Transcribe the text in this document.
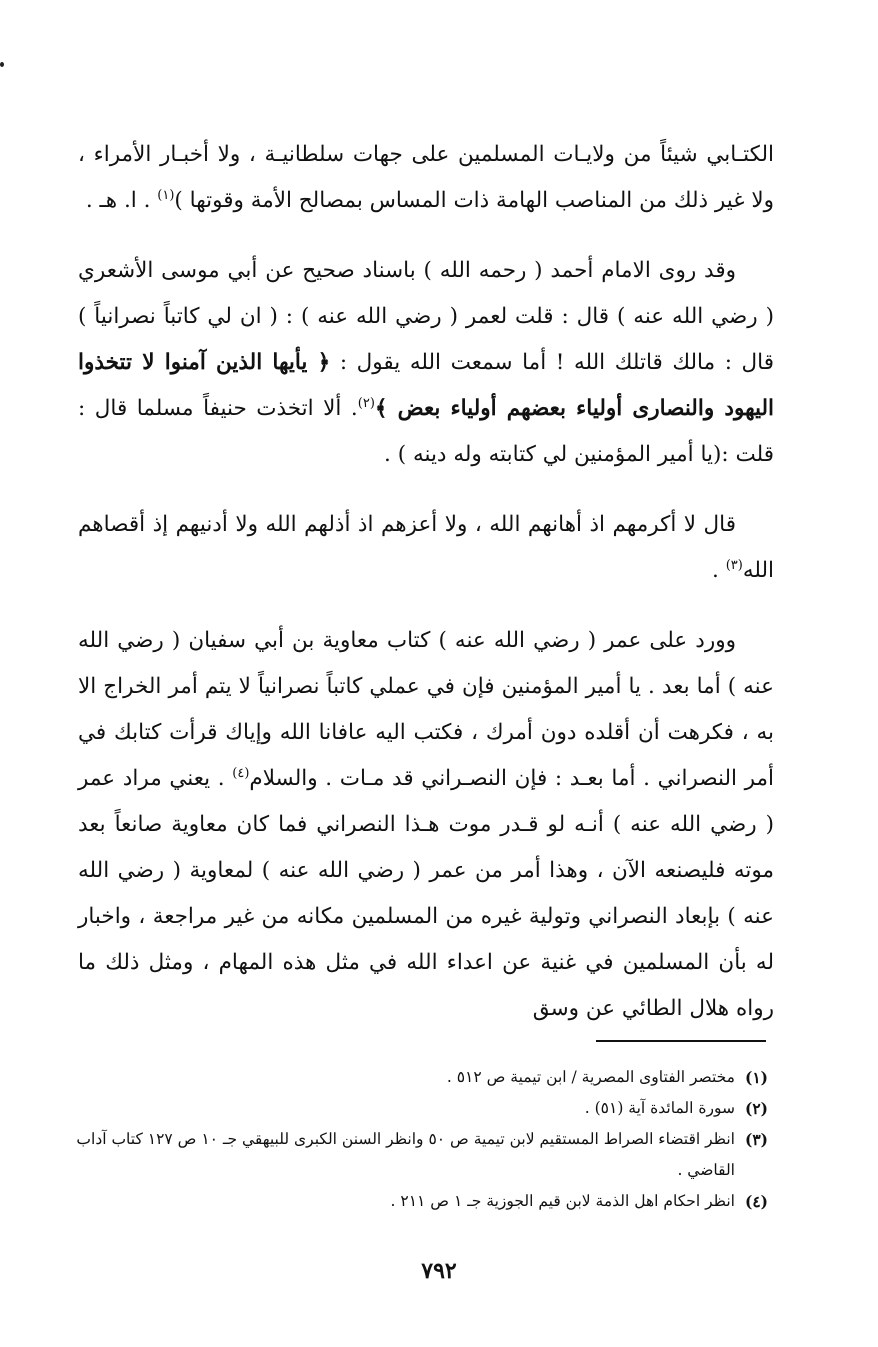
الكتـابي شيئاً من ولايـات المسلمين على جهات سلطانيـة ، ولا أخبـار الأمراء ، ولا غير ذلك من المناصب الهامة ذات المساس بمصالح الأمة وقوتها )$^{(١)}$ . ا. هـ .

وقد روى الامام أحمد ( رحمه الله ) باسناد صحيح عن أبي موسى الأشعري ( رضي الله عنه ) قال : قلت لعمر ( رضي الله عنه ) : ( ان لي كاتباً نصرانياً ) قال : مالك قاتلك الله ! أما سمعت الله يقول : ﴿ يأيها الذين آمنوا لا تتخذوا اليهود والنصارى أولياء بعضهم أولياء بعض ﴾$^{(٢)}$. ألا اتخذت حنيفاً مسلما قال : قلت :(يا أمير المؤمنين لي كتابته وله دينه ) .

قال لا أكرمهم اذ أهانهم الله ، ولا أعزهم اذ أذلهم الله ولا أدنيهم إذ أقصاهم الله$^{(٣)}$ .

وورد على عمر ( رضي الله عنه ) كتاب معاوية بن أبي سفيان ( رضي الله عنه ) أما بعد . يا أمير المؤمنين فإن في عملي كاتباً نصرانياً لا يتم أمر الخراج الا به ، فكرهت أن أقلده دون أمرك ، فكتب اليه عافانا الله وإياك قرأت كتابك في أمر النصراني . أما بعـد : فإن النصـراني قد مـات . والسلام$^{(٤)}$ . يعني مراد عمر ( رضي الله عنه ) أنـه لو قـدر موت هـذا النصراني فما كان معاوية صانعاً بعد موته فليصنعه الآن ، وهذا أمر من عمر ( رضي الله عنه ) لمعاوية ( رضي الله عنه ) بإبعاد النصراني وتولية غيره من المسلمين مكانه من غير مراجعة ، واخبار له بأن المسلمين في غنية عن اعداء الله في مثل هذه المهام ، ومثل ذلك ما رواه هلال الطائي عن وسق

(١)
مختصر الفتاوى المصرية / ابن تيمية ص ٥١٢ .
(٢)
سورة المائدة آية (٥١) .
(٣)
انظر اقتضاء الصراط المستقيم لابن تيمية ص ٥٠ وانظر السنن الكبرى للبيهقي جـ ١٠ ص ١٢٧ كتاب آداب القاضي .
(٤)
انظر احكام اهل الذمة لابن قيم الجوزية جـ ١ ص ٢١١ .
٧٩٢
